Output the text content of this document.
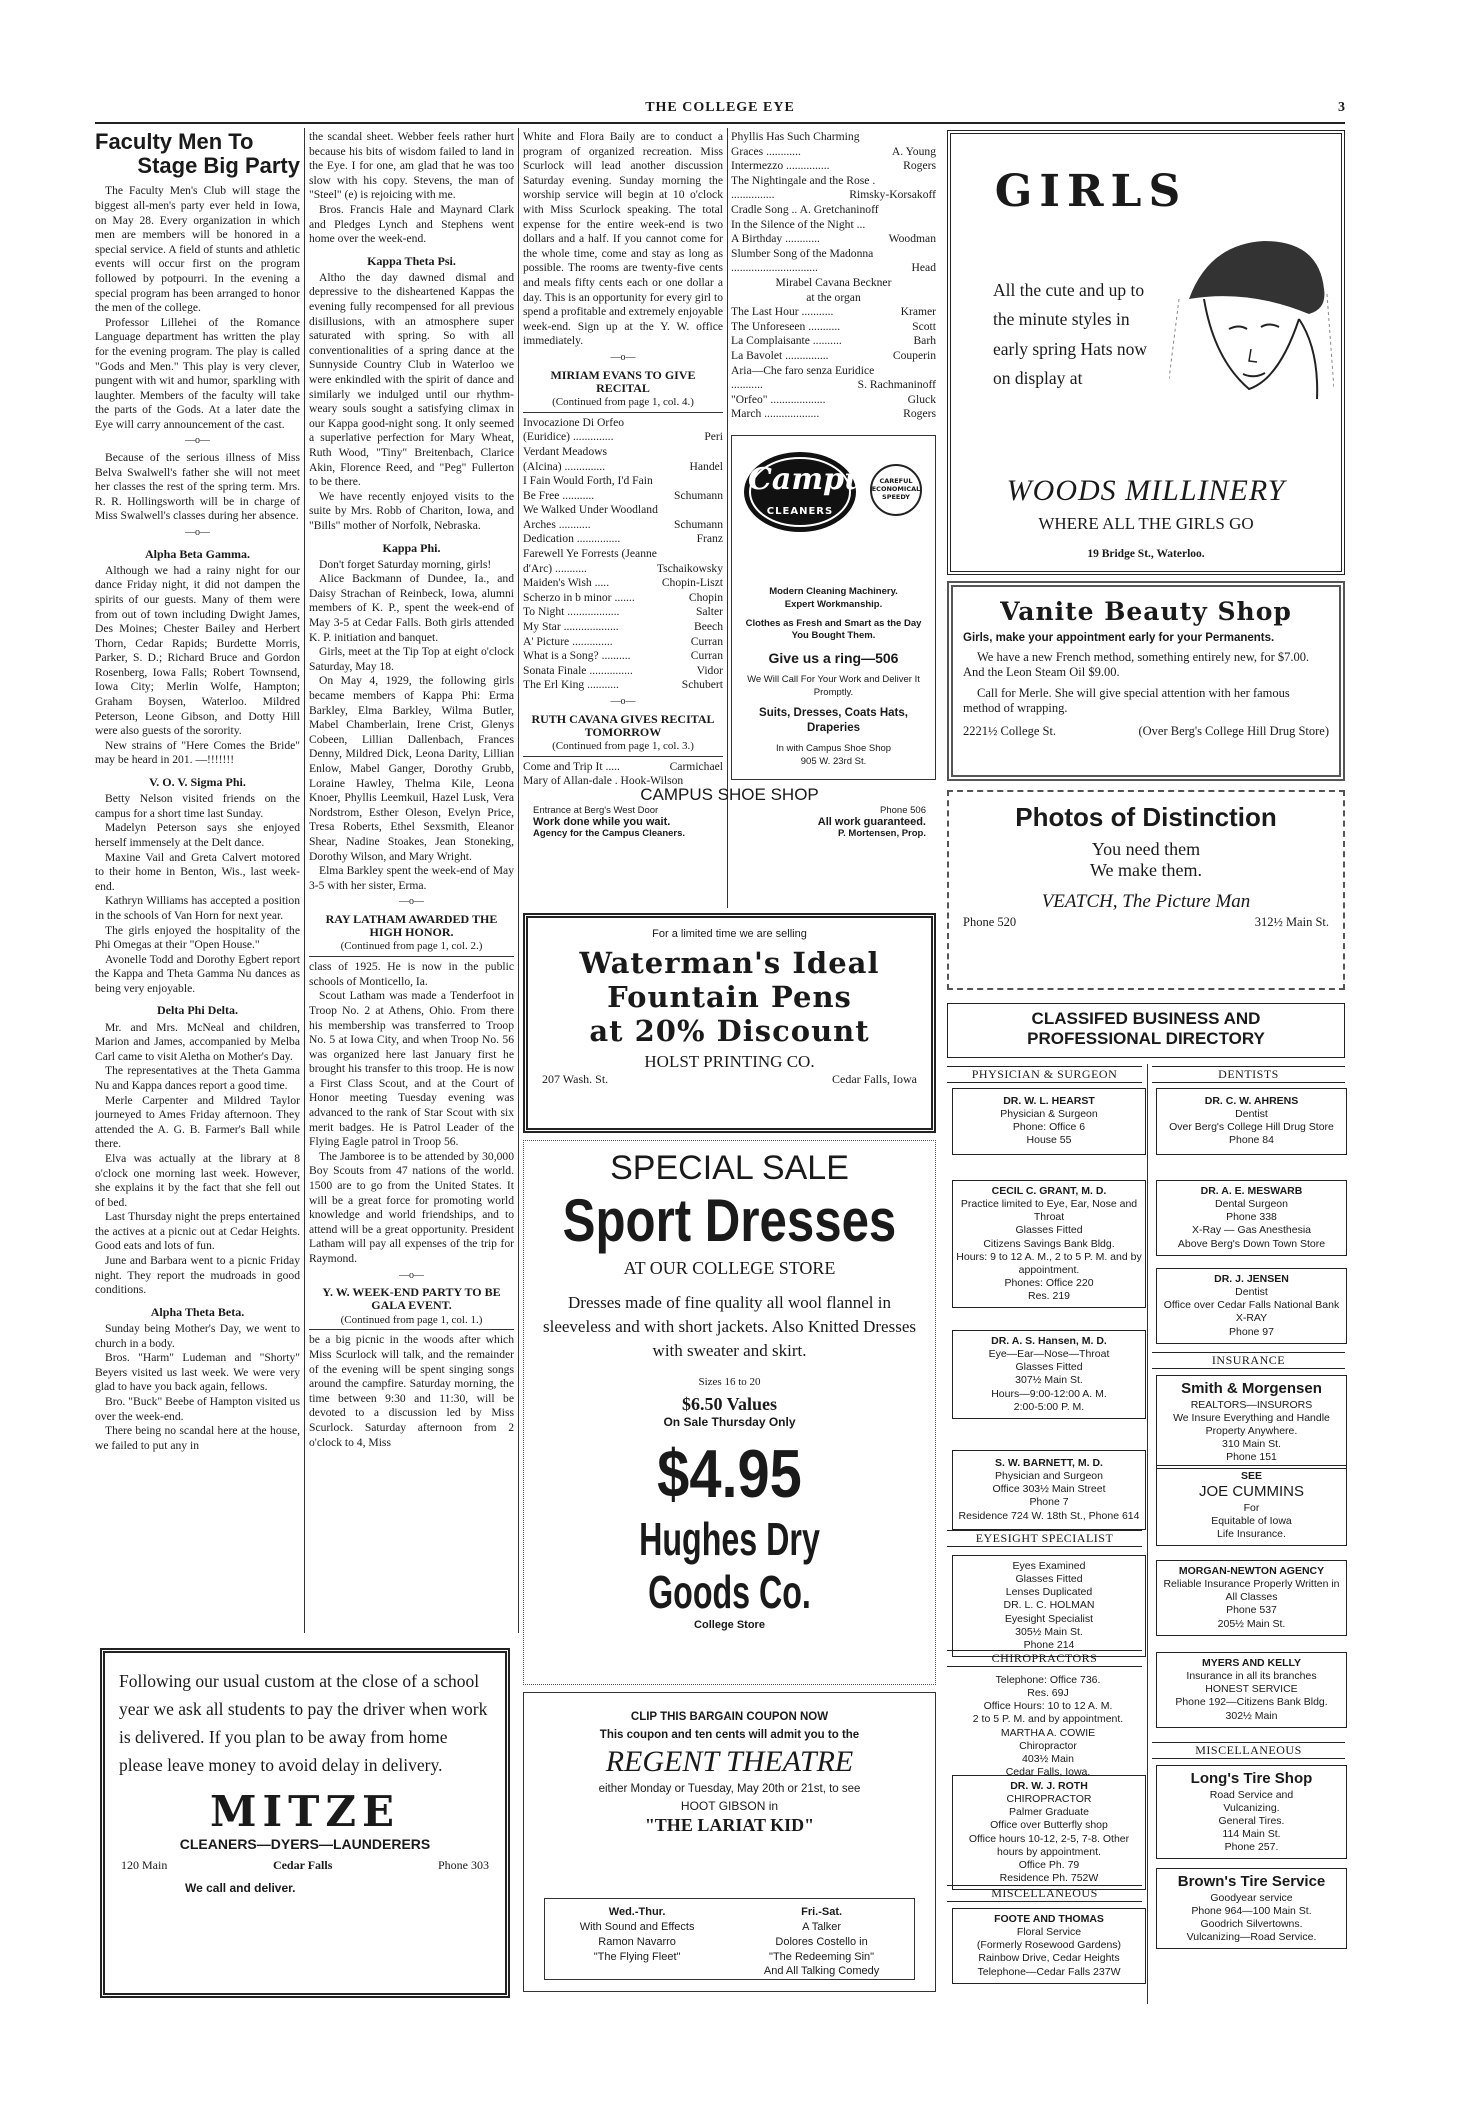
THE COLLEGE EYE	3
Faculty Men To
Stage Big Party

The Faculty Men's Club will stage the biggest all-men's party ever held in Iowa, on May 28. Every organization in which men are members will be honored in a special service. A field of stunts and athletic events will occur first on the program followed by potpourri. In the evening a special program has been arranged to honor the men of the college.

Professor Lillehei of the Romance Language department has written the play for the evening program. The play is called "Gods and Men." This play is very clever, pungent with wit and humor, sparkling with laughter. Members of the faculty will take the parts of the Gods. At a later date the Eye will carry announcement of the cast.

—o—

Because of the serious illness of Miss Belva Swalwell's father she will not meet her classes the rest of the spring term. Mrs. R. R. Hollingsworth will be in charge of Miss Swalwell's classes during her absence.

—o—
Alpha Beta Gamma.

Although we had a rainy night for our dance Friday night, it did not dampen the spirits of our guests. Many of them were from out of town including Dwight James, Des Moines; Chester Bailey and Herbert Thorn, Cedar Rapids; Burdette Morris, Parker, S. D.; Richard Bruce and Gordon Rosenberg, Iowa Falls; Robert Townsend, Iowa City; Merlin Wolfe, Hampton; Graham Boysen, Waterloo. Mildred Peterson, Leone Gibson, and Dotty Hill were also guests of the sorority.

New strains of "Here Comes the Bride" may be heard in 201. —!!!!!!!

V. O. V. Sigma Phi.

Betty Nelson visited friends on the campus for a short time last Sunday.

Madelyn Peterson says she enjoyed herself immensely at the Delt dance.

Maxine Vail and Greta Calvert motored to their home in Benton, Wis., last week-end.

Kathryn Williams has accepted a position in the schools of Van Horn for next year.

The girls enjoyed the hospitality of the Phi Omegas at their "Open House."

Avonelle Todd and Dorothy Egbert report the Kappa and Theta Gamma Nu dances as being very enjoyable.

Delta Phi Delta.

Mr. and Mrs. McNeal and children, Marion and James, accompanied by Melba Carl came to visit Aletha on Mother's Day.

The representatives at the Theta Gamma Nu and Kappa dances report a good time.

Merle Carpenter and Mildred Taylor journeyed to Ames Friday afternoon. They attended the A. G. B. Farmer's Ball while there.

Elva was actually at the library at 8 o'clock one morning last week. However, she explains it by the fact that she fell out of bed.

Last Thursday night the preps entertained the actives at a picnic out at Cedar Heights. Good eats and lots of fun.

June and Barbara went to a picnic Friday night. They report the mudroads in good conditions.

Alpha Theta Beta.

Sunday being Mother's Day, we went to church in a body.

Bros. "Harm" Ludeman and "Shorty" Beyers visited us last week. We were very glad to have you back again, fellows.

Bro. "Buck" Beebe of Hampton visited us over the week-end.

There being no scandal here at the house, we failed to put any in

the scandal sheet. Webber feels rather hurt because his bits of wisdom failed to land in the Eye. I for one, am glad that he was too slow with his copy. Stevens, the man of "Steel" (e) is rejoicing with me.

Bros. Francis Hale and Maynard Clark and Pledges Lynch and Stephens went home over the week-end.

Kappa Theta Psi.

Altho the day dawned dismal and depressive to the disheartened Kappas the evening fully recompensed for all previous disillusions, with an atmosphere super saturated with spring. So with all conventionalities of a spring dance at the Sunnyside Country Club in Waterloo we were enkindled with the spirit of dance and similarly we indulged until our rhythm-weary souls sought a satisfying climax in our Kappa good-night song. It only seemed a superlative perfection for Mary Wheat, Ruth Wood, "Tiny" Breitenbach, Clarice Akin, Florence Reed, and "Peg" Fullerton to be there.

We have recently enjoyed visits to the suite by Mrs. Robb of Chariton, Iowa, and "Bills" mother of Norfolk, Nebraska.

Kappa Phi.

Don't forget Saturday morning, girls!

Alice Backmann of Dundee, Ia., and Daisy Strachan of Reinbeck, Iowa, alumni members of K. P., spent the week-end of May 3-5 at Cedar Falls. Both girls attended K. P. initiation and banquet.

Girls, meet at the Tip Top at eight o'clock Saturday, May 18.

On May 4, 1929, the following girls became members of Kappa Phi: Erma Barkley, Elma Barkley, Wilma Butler, Mabel Chamberlain, Irene Crist, Glenys Cobeen, Lillian Dallenbach, Frances Denny, Mildred Dick, Leona Darity, Lillian Enlow, Mabel Ganger, Dorothy Grubb, Loraine Hawley, Thelma Kile, Leona Knoer, Phyllis Leemkuil, Hazel Lusk, Vera Nordstrom, Esther Oleson, Evelyn Price, Tresa Roberts, Ethel Sexsmith, Eleanor Shear, Nadine Stoakes, Jean Stoneking, Dorothy Wilson, and Mary Wright.

Elma Barkley spent the week-end of May 3-5 with her sister, Erma.

—o—
RAY LATHAM AWARDED THE HIGH HONOR.
(Continued from page 1, col. 2.)

class of 1925. He is now in the public schools of Monticello, Ia.

Scout Latham was made a Tenderfoot in Troop No. 2 at Athens, Ohio. From there his membership was transferred to Troop No. 5 at Iowa City, and when Troop No. 56 was organized here last January first he brought his transfer to this troop. He is now a First Class Scout, and at the Court of Honor meeting Tuesday evening was advanced to the rank of Star Scout with six merit badges. He is Patrol Leader of the Flying Eagle patrol in Troop 56.

The Jamboree is to be attended by 30,000 Boy Scouts from 47 nations of the world. 1500 are to go from the United States. It will be a great force for promoting world knowledge and world friendships, and to attend will be a great opportunity. President Latham will pay all expenses of the trip for Raymond.

—o—
Y. W. WEEK-END PARTY TO BE GALA EVENT.
(Continued from page 1, col. 1.)

be a big picnic in the woods after which Miss Scurlock will talk, and the remainder of the evening will be spent singing songs around the campfire. Saturday morning, the time between 9:30 and 11:30, will be devoted to a discussion led by Miss Scurlock. Saturday afternoon from 2 o'clock to 4, Miss

White and Flora Baily are to conduct a program of organized recreation. Miss Scurlock will lead another discussion Saturday evening. Sunday morning the worship service will begin at 10 o'clock with Miss Scurlock speaking. The total expense for the entire week-end is two dollars and a half. If you cannot come for the whole time, come and stay as long as possible. The rooms are twenty-five cents and meals fifty cents each or one dollar a day. This is an opportunity for every girl to spend a profitable and extremely enjoyable week-end. Sign up at the Y. W. office immediately.

—o—
MIRIAM EVANS TO GIVE RECITAL
(Continued from page 1, col. 4.)
Invocazione Di Orfeo
(Euridice) ..............	Peri
Verdant Meadows
(Alcina) ..............	Handel
I Fain Would Forth, I'd Fain
Be Free ...........	Schumann
We Walked Under Woodland
Arches ...........	Schumann
Dedication ...............	Franz
Farewell Ye Forrests (Jeanne
d'Arc) ...........	Tschaikowsky
Maiden's Wish .....	Chopin-Liszt
Scherzo in b minor .......	Chopin
To Night ..................	Salter
My Star ...................	Beech
A' Picture ..............	Curran
What is a Song? ..........	Curran
Sonata Finale ...............	Vidor
The Erl King ...........	Schubert
—o—
RUTH CAVANA GIVES RECITAL TOMORROW
(Continued from page 1, col. 3.)
Come and Trip It .....	Carmichael
Mary of Allan-dale . Hook-Wilson
Phyllis Has Such Charming
Graces ............	A. Young
Intermezzo ...............	Rogers
The Nightingale and the Rose .
...............	Rimsky-Korsakoff
Cradle Song .. A. Gretchaninoff
In the Silence of the Night ...
A Birthday ............	Woodman
Slumber Song of the Madonna
..............................	Head
Mirabel Cavana Beckner
at the organ
The Last Hour ...........	Kramer
The Unforeseen ...........	Scott
La Complaisante ..........	Barh
La Bavolet ...............	Couperin
Aria—Che faro senza Euridice
...........	S. Rachmaninoff
"Orfeo" ...................	Gluck
March ...................	Rogers
Campus
CLEANERS
CAREFUL ECONOMICAL SPEEDY
Modern Cleaning Machinery.
Expert Workmanship.
Clothes as Fresh and Smart as the Day You Bought Them.
Give us a ring—506
We Will Call For Your Work and Deliver It Promptly.
Suits, Dresses, Coats Hats, Draperies
In with Campus Shoe Shop
905 W. 23rd St.
CAMPUS SHOE SHOP
Entrance at Berg's West Door	Phone 506
Work done while you wait.	All work guaranteed.
Agency for the Campus Cleaners.	P. Mortensen, Prop.
For a limited time we are selling
Waterman's Ideal
Fountain Pens
at 20% Discount
HOLST PRINTING CO.
207 Wash. St.	Cedar Falls, Iowa
SPECIAL SALE
Sport Dresses
AT OUR COLLEGE STORE
Dresses made of fine quality all wool flannel in sleeveless and with short jackets. Also Knitted Dresses with sweater and skirt.
Sizes 16 to 20
$6.50 Values
On Sale Thursday Only
$4.95
Hughes Dry Goods Co.
College Store
CLIP THIS BARGAIN COUPON NOW
This coupon and ten cents will admit you to the
REGENT THEATRE
either Monday or Tuesday, May 20th or 21st, to see
HOOT GIBSON in
"THE LARIAT KID"
Wed.-Thur.
With Sound and Effects
Ramon Navarro
"The Flying Fleet"
Fri.-Sat.
A Talker
Dolores Costello in
"The Redeeming Sin"
And All Talking Comedy
Following our usual custom at the close of a school year we ask all students to pay the driver when work is delivered. If you plan to be away from home please leave money to avoid delay in delivery.
MITZE
CLEANERS—DYERS—LAUNDERERS
120 Main	Cedar Falls	Phone 303
We call and deliver.
GIRLS
All the cute and up to the minute styles in early spring Hats now on display at
WOODS MILLINERY
WHERE ALL THE GIRLS GO
19 Bridge St., Waterloo.
Vanite Beauty Shop
Girls, make your appointment early for your Permanents.
We have a new French method, something entirely new, for $7.00. And the Leon Steam Oil $9.00.
Call for Merle. She will give special attention with her famous method of wrapping.
2221½ College St.	(Over Berg's College Hill Drug Store)
Photos of Distinction
You need them
We make them.
VEATCH, The Picture Man
Phone 520	312½ Main St.
CLASSIFED BUSINESS AND
PROFESSIONAL DIRECTORY
PHYSICIAN & SURGEON
DR. W. L. HEARST
Physician & Surgeon
Phone: Office 6
House 55
CECIL C. GRANT, M. D.
Practice limited to Eye, Ear, Nose and Throat
Glasses Fitted
Citizens Savings Bank Bldg.
Hours: 9 to 12 A. M., 2 to 5 P. M. and by appointment.
Phones: Office 220
Res. 219
DR. A. S. Hansen, M. D.
Eye—Ear—Nose—Throat
Glasses Fitted
307½ Main St.
Hours—9:00-12:00 A. M.
2:00-5:00 P. M.
S. W. BARNETT, M. D.
Physician and Surgeon
Office 303½ Main Street
Phone 7
Residence 724 W. 18th St., Phone 614
EYESIGHT SPECIALIST
Eyes Examined
Glasses Fitted
Lenses Duplicated
DR. L. C. HOLMAN
Eyesight Specialist
305½ Main St.
Phone 214
CHIROPRACTORS
Telephone: Office 736.
Res. 69J
Office Hours: 10 to 12 A. M.
2 to 5 P. M. and by appointment.
MARTHA A. COWIE
Chiropractor
403½ Main
Cedar Falls, Iowa.
DR. W. J. ROTH
CHIROPRACTOR
Palmer Graduate
Office over Butterfly shop
Office hours 10-12, 2-5, 7-8. Other hours by appointment.
Office Ph. 79
Residence Ph. 752W
MISCELLANEOUS
FOOTE AND THOMAS
Floral Service
(Formerly Rosewood Gardens)
Rainbow Drive, Cedar Heights
Telephone—Cedar Falls 237W
DENTISTS
DR. C. W. AHRENS
Dentist
Over Berg's College Hill Drug Store
Phone 84
DR. A. E. MESWARB
Dental Surgeon
Phone 338
X-Ray — Gas Anesthesia
Above Berg's Down Town Store
DR. J. JENSEN
Dentist
Office over Cedar Falls National Bank
X-RAY
Phone 97
INSURANCE
Smith & Morgensen
REALTORS—INSURORS
We Insure Everything and Handle Property Anywhere.
310 Main St.
Phone 151
SEE
JOE CUMMINS
For
Equitable of Iowa
Life Insurance.
MORGAN-NEWTON AGENCY
Reliable Insurance Properly Written in All Classes
Phone 537
205½ Main St.
MYERS AND KELLY
Insurance in all its branches
HONEST SERVICE
Phone 192—Citizens Bank Bldg.
302½ Main
MISCELLANEOUS
Long's Tire Shop
Road Service and
Vulcanizing.
General Tires.
114 Main St.
Phone 257.
Brown's Tire Service
Goodyear service
Phone 964—100 Main St.
Goodrich Silvertowns.
Vulcanizing—Road Service.
